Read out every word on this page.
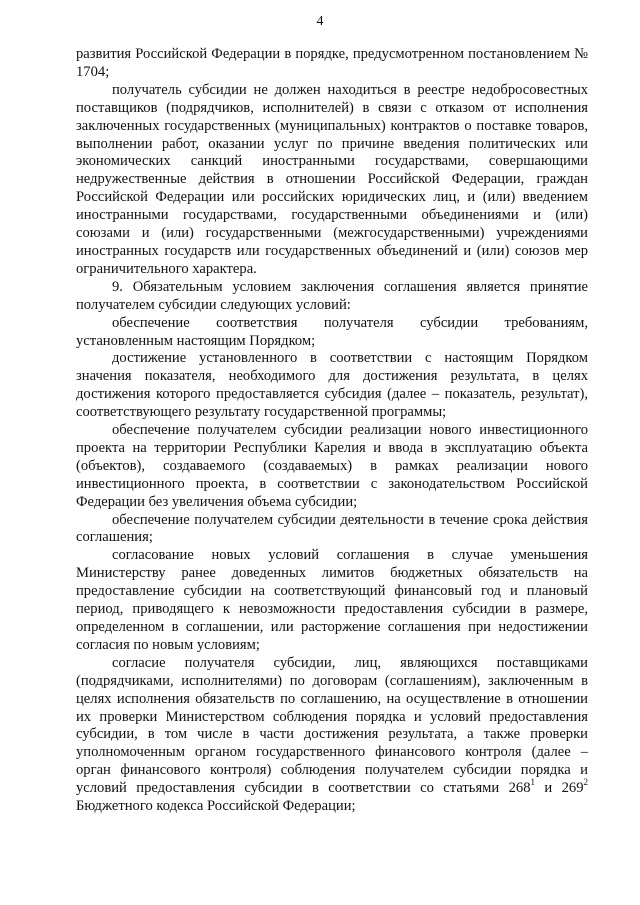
4

развития Российской Федерации в порядке, предусмотренном постановлением № 1704;

получатель субсидии не должен находиться в реестре недобросовестных поставщиков (подрядчиков, исполнителей) в связи с отказом от исполнения заключенных государственных (муниципальных) контрактов о поставке товаров, выполнении работ, оказании услуг по причине введения политических или экономических санкций иностранными государствами, совершающими недружественные действия в отношении Российской Федерации, граждан Российской Федерации или российских юридических лиц, и (или) введением иностранными государствами, государственными объединениями и (или) союзами и (или) государственными (межгосударственными) учреждениями иностранных государств или государственных объединений и (или) союзов мер ограничительного характера.

9. Обязательным условием заключения соглашения является принятие получателем субсидии следующих условий:

обеспечение соответствия получателя субсидии требованиям, установленным настоящим Порядком;

достижение установленного в соответствии с настоящим Порядком значения показателя, необходимого для достижения результата, в целях достижения которого предоставляется субсидия (далее – показатель, результат), соответствующего результату государственной программы;

обеспечение получателем субсидии реализации нового инвестиционного проекта на территории Республики Карелия и ввода в эксплуатацию объекта (объектов), создаваемого (создаваемых) в рамках реализации нового инвестиционного проекта, в соответствии с законодательством Российской Федерации без увеличения объема субсидии;

обеспечение получателем субсидии деятельности в течение срока действия соглашения;

согласование новых условий соглашения в случае уменьшения Министерству ранее доведенных лимитов бюджетных обязательств на предоставление субсидии на соответствующий финансовый год и плановый период, приводящего к невозможности предоставления субсидии в размере, определенном в соглашении, или расторжение соглашения при недостижении согласия по новым условиям;

согласие получателя субсидии, лиц, являющихся поставщиками (подрядчиками, исполнителями) по договорам (соглашениям), заключенным в целях исполнения обязательств по соглашению, на осуществление в отношении их проверки Министерством соблюдения порядка и условий предоставления субсидии, в том числе в части достижения результата, а также проверки уполномоченным органом государственного финансового контроля (далее – орган финансового контроля) соблюдения получателем субсидии порядка и условий предоставления субсидии в соответствии со статьями $268^1$ и $269^2$ Бюджетного кодекса Российской Федерации;
